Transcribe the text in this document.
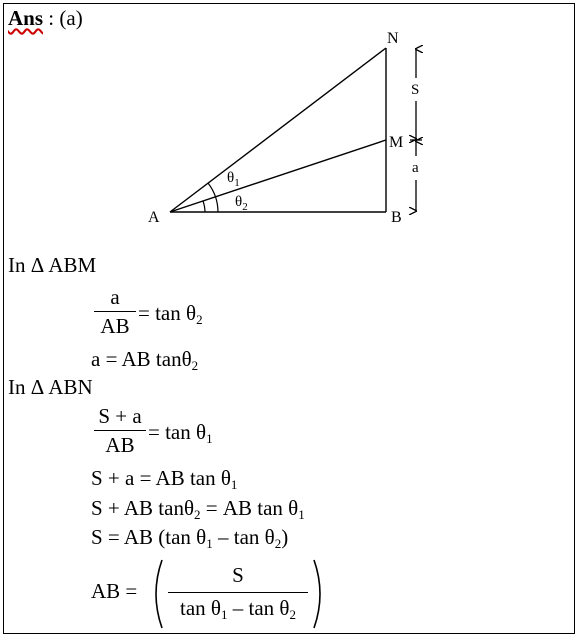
Ans : (a)
A	B
M
N
$\theta_1$
$\theta_2$
S
a
In Δ ABM
a
AB
= $\tan \theta_2$
a = AB tanθ$_2$
In Δ ABN
S + a
AB
= $\tan \theta_1$
S + a = AB $\tan \theta_1$
S + AB tanθ$_2$ = AB $\tan \theta_1$
S = AB (tan $\theta_1$ – $\tan \theta_2$)
AB =
S
$\tan \theta_1$ – $\tan \theta_2$
